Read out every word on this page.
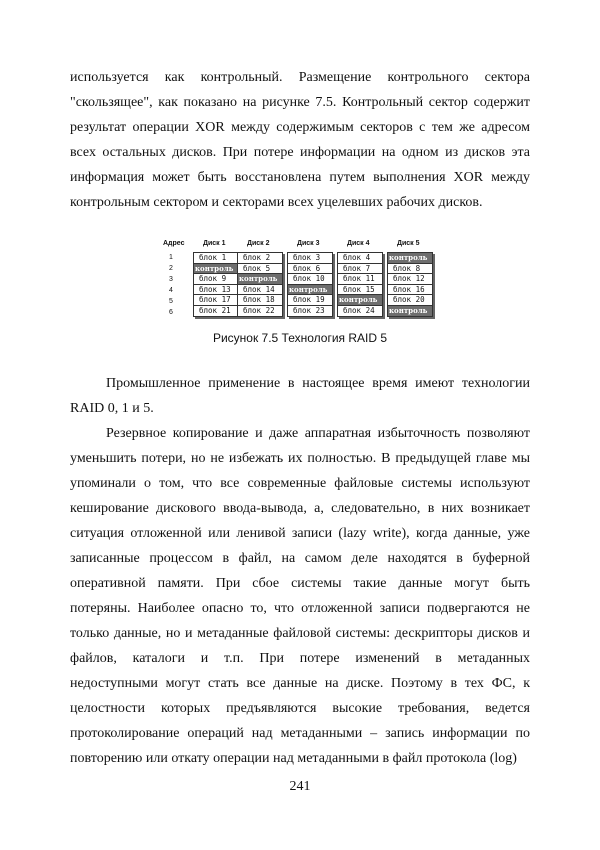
используется как контрольный. Размещение контрольного сектора
"скользящее", как показано на рисунке 7.5. Контрольный сектор содержит
результат операции XOR между содержимым секторов с тем же адресом
всех остальных дисков. При потере информации на одном из дисков эта
информация может быть восстановлена путем выполнения XOR между
контрольным сектором и секторами всех уцелевших рабочих дисков.
Промышленное применение в настоящее время имеют технологии
RAID 0, 1 и 5.
Резервное копирование и даже аппаратная избыточность позволяют
уменьшить потери, но не избежать их полностью. В предыдущей главе мы
упоминали о том, что все современные файловые системы используют
кеширование дискового ввода-вывода, а, следовательно, в них возникает
ситуация отложенной или ленивой записи (lazy write), когда данные, уже
записанные процессом в файл, на самом деле находятся в буферной
оперативной памяти. При сбое системы такие данные могут быть
потеряны. Наиболее опасно то, что отложенной записи подвергаются не
только данные, но и метаданные файловой системы: дескрипторы дисков и
файлов, каталоги и т.п. При потере изменений в метаданных
недоступными могут стать все данные на диске. Поэтому в тех ФС, к
целостности которых предъявляются высокие требования, ведется
протоколирование операций над метаданными – запись информации по
повторению или откату операции над метаданными в файл протокола (log)
Адрес
1
2
3
4
5
6
Диск 1
блок 1
контроль
блок 9
блок 13
блок 17
блок 21
Диск 2
блок 2
блок 5
контроль
блок 14
блок 18
блок 22
Диск 3
блок 3
блок 6
блок 10
контроль
блок 19
блок 23
Диск 4
блок 4
блок 7
блок 11
блок 15
контроль
блок 24
Диск 5
контроль
блок 8
блок 12
блок 16
блок 20
контроль
Рисунок 7.5 Технология RAID 5
241
